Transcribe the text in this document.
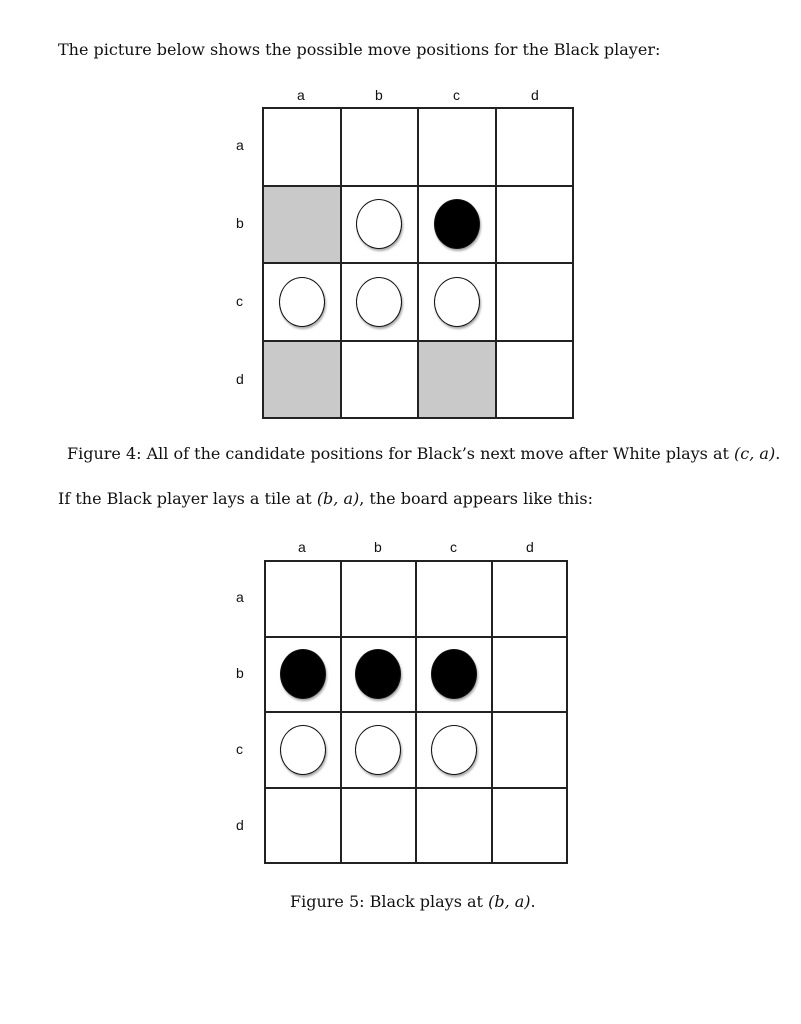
The picture below shows the possible move positions for the Black player:
a	b	c	d
a
b
c
d
Figure 4: All of the candidate positions for Black’s next move after White plays at (c, a).
If the Black player lays a tile at (b, a), the board appears like this:
a	b	c	d
a
b
c
d
Figure 5: Black plays at (b, a).
